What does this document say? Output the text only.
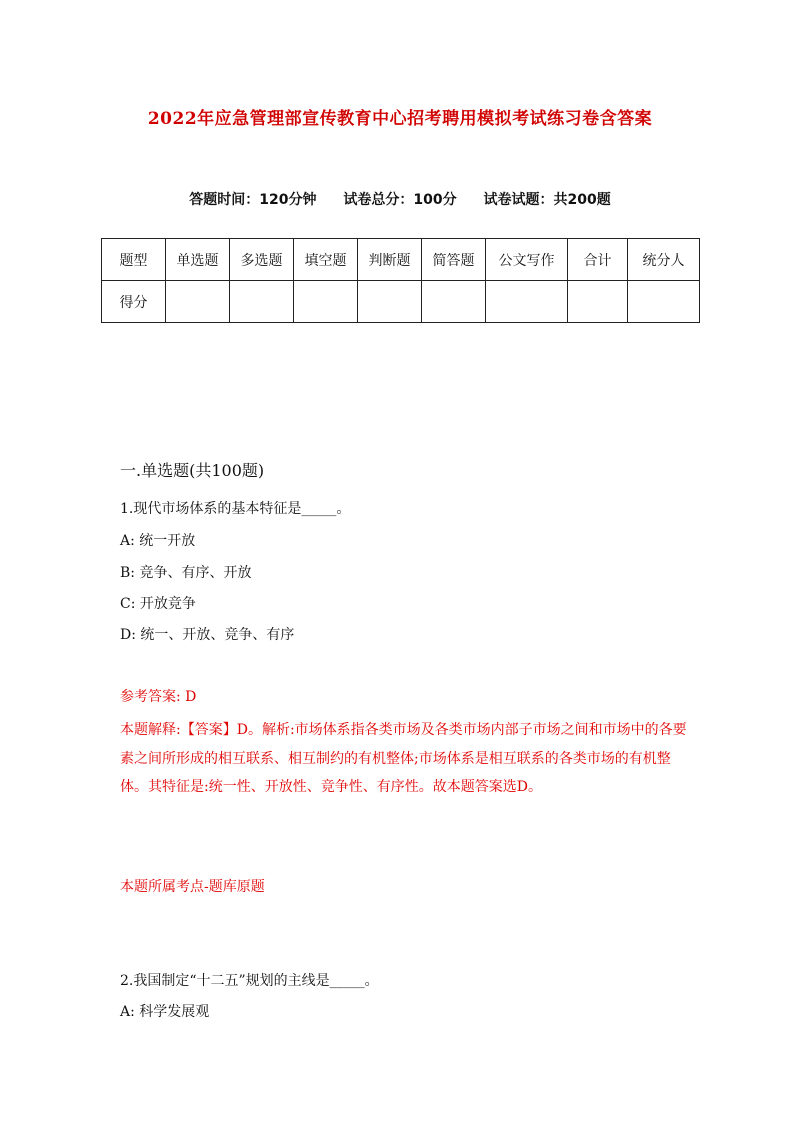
2022年应急管理部宣传教育中心招考聘用模拟考试练习卷含答案
答题时间：120分钟 试卷总分：100分 试卷试题：共200题
题型	单选题	多选题	填空题	判断题	简答题	公文写作	合计	统分人
得分								
一.单选题(共100题)
1.现代市场体系的基本特征是_____。
A: 统一开放
B: 竞争、有序、开放
C: 开放竞争
D: 统一、开放、竞争、有序
参考答案: D
本题解释:【答案】D。解析:市场体系指各类市场及各类市场内部子市场之间和市场中的各要素之间所形成的相互联系、相互制约的有机整体;市场体系是相互联系的各类市场的有机整体。其特征是:统一性、开放性、竞争性、有序性。故本题答案选D。
本题所属考点-题库原题
2.我国制定“十二五”规划的主线是_____。
A: 科学发展观
